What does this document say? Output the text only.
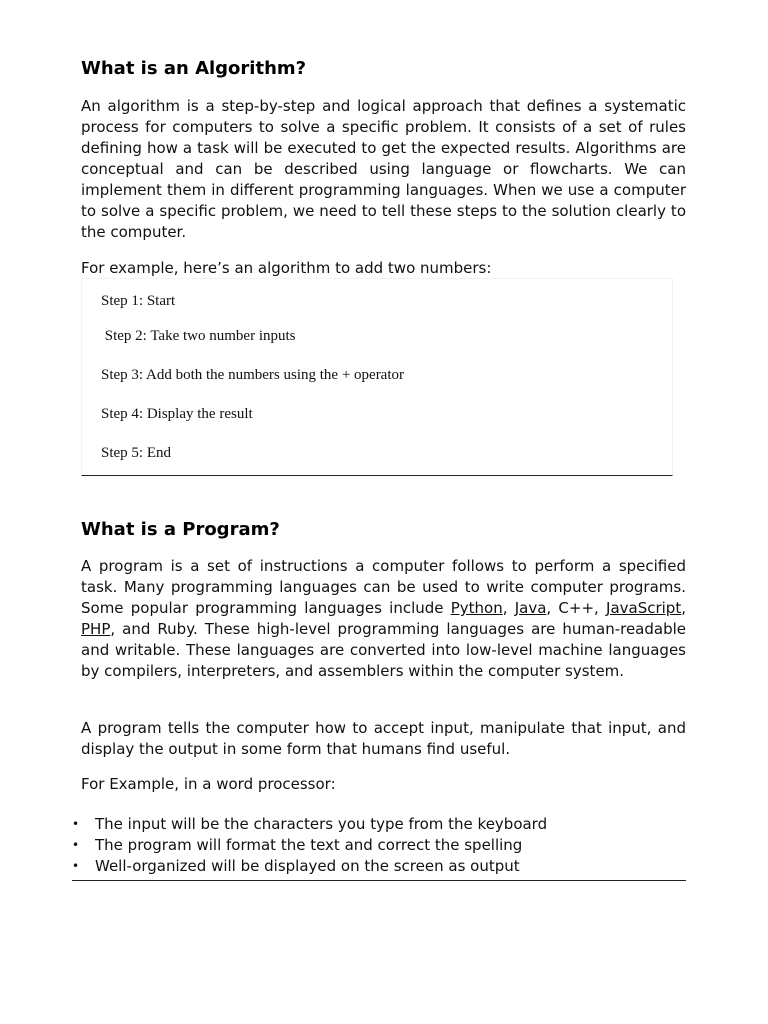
What is an Algorithm?

An algorithm is a step-by-step and logical approach that defines a systematic process for computers to solve a specific problem. It consists of a set of rules defining how a task will be executed to get the expected results. Algorithms are conceptual and can be described using language or flowcharts. We can implement them in different programming languages. When we use a computer to solve a specific problem, we need to tell these steps to the solution clearly to the computer.

For example, here’s an algorithm to add two numbers:

Step 1: Start
Step 2: Take two number inputs
Step 3: Add both the numbers using the + operator
Step 4: Display the result
Step 5: End
What is a Program?

A program is a set of instructions a computer follows to perform a specified task. Many programming languages can be used to write computer programs. Some popular programming languages include Python, Java, C++, JavaScript, PHP, and Ruby. These high-level programming languages are human-readable and writable. These languages are converted into low-level machine languages by compilers, interpreters, and assemblers within the computer system.

A program tells the computer how to accept input, manipulate that input, and display the output in some form that humans find useful.

For Example, in a word processor:

• The input will be the characters you type from the keyboard
• The program will format the text and correct the spelling
• Well-organized will be displayed on the screen as output
